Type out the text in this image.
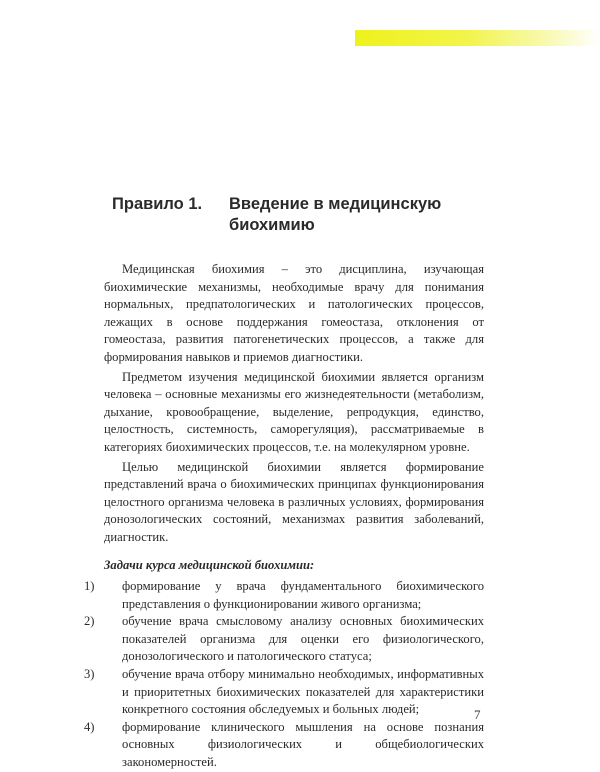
Правило 1. Введение в медицинскую биохимию

Медицинская биохимия – это дисциплина, изучающая биохимические механизмы, необходимые врачу для понимания нормальных, предпатологических и патологических процессов, лежащих в основе поддержания гомеостаза, отклонения от гомеостаза, развития патогенетических процессов, а также для формирования навыков и приемов диагностики.

Предметом изучения медицинской биохимии является организм человека – основные механизмы его жизнедеятельности (метаболизм, дыхание, кровообращение, выделение, репродукция, единство, целостность, системность, саморегуляция), рассматриваемые в категориях биохимических процессов, т.е. на молекулярном уровне.

Целью медицинской биохимии является формирование представлений врача о биохимических принципах функционирования целостного организма человека в различных условиях, формирования донозологических состояний, механизмах развития заболеваний, диагностик.

Задачи курса медицинской биохимии:

1)	формирование у врача фундаментального биохимического представления о функционировании живого организма;
2)	обучение врача смысловому анализу основных биохимических показателей организма для оценки его физиологического, донозологического и патологического статуса;
3)	обучение врача отбору минимально необходимых, информативных и приоритетных биохимических показателей для характеристики конкретного состояния обследуемых и больных людей;
4)	формирование клинического мышления на основе познания основных физиологических и общебиологических закономерностей.
7
